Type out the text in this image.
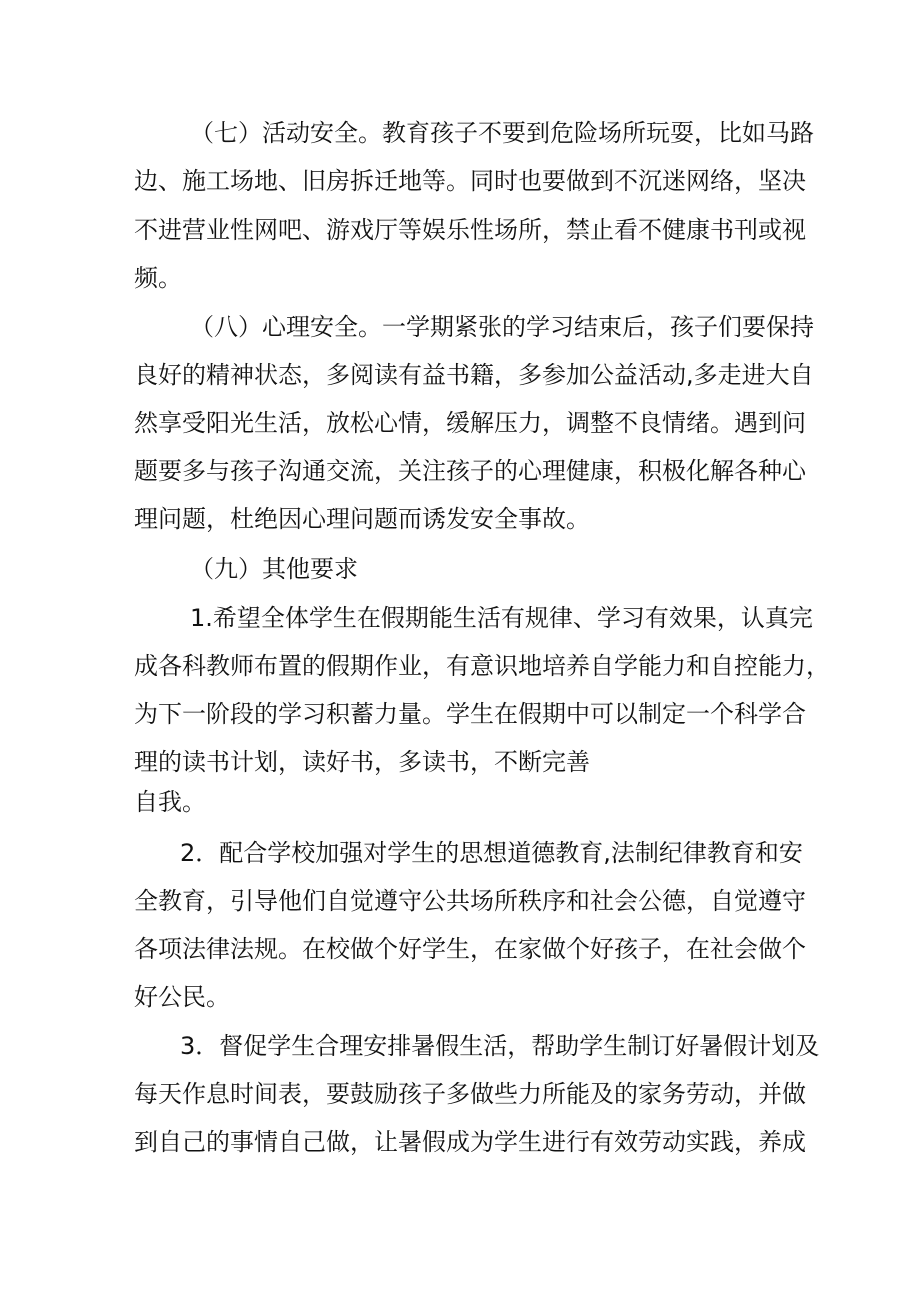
（七）活动安全。教育孩子不要到危险场所玩耍，比如马路

边、施工场地、旧房拆迁地等。同时也要做到不沉迷网络，坚决

不进营业性网吧、游戏厅等娱乐性场所，禁止看不健康书刊或视

频。

（八）心理安全。一学期紧张的学习结束后，孩子们要保持

良好的精神状态，多阅读有益书籍，多参加公益活动,多走进大自

然享受阳光生活，放松心情，缓解压力，调整不良情绪。遇到问

题要多与孩子沟通交流，关注孩子的心理健康，积极化解各种心

理问题，杜绝因心理问题而诱发安全事故。

（九）其他要求

1.希望全体学生在假期能生活有规律、学习有效果，认真完

成各科教师布置的假期作业，有意识地培养自学能力和自控能力，

为下一阶段的学习积蓄力量。学生在假期中可以制定一个科学合

理的读书计划，读好书，多读书，不断完善

自我。

2．配合学校加强对学生的思想道德教育,法制纪律教育和安

全教育，引导他们自觉遵守公共场所秩序和社会公德，自觉遵守

各项法律法规。在校做个好学生，在家做个好孩子，在社会做个

好公民。

3．督促学生合理安排暑假生活，帮助学生制订好暑假计划及

每天作息时间表，要鼓励孩子多做些力所能及的家务劳动，并做

到自己的事情自己做，让暑假成为学生进行有效劳动实践，养成
